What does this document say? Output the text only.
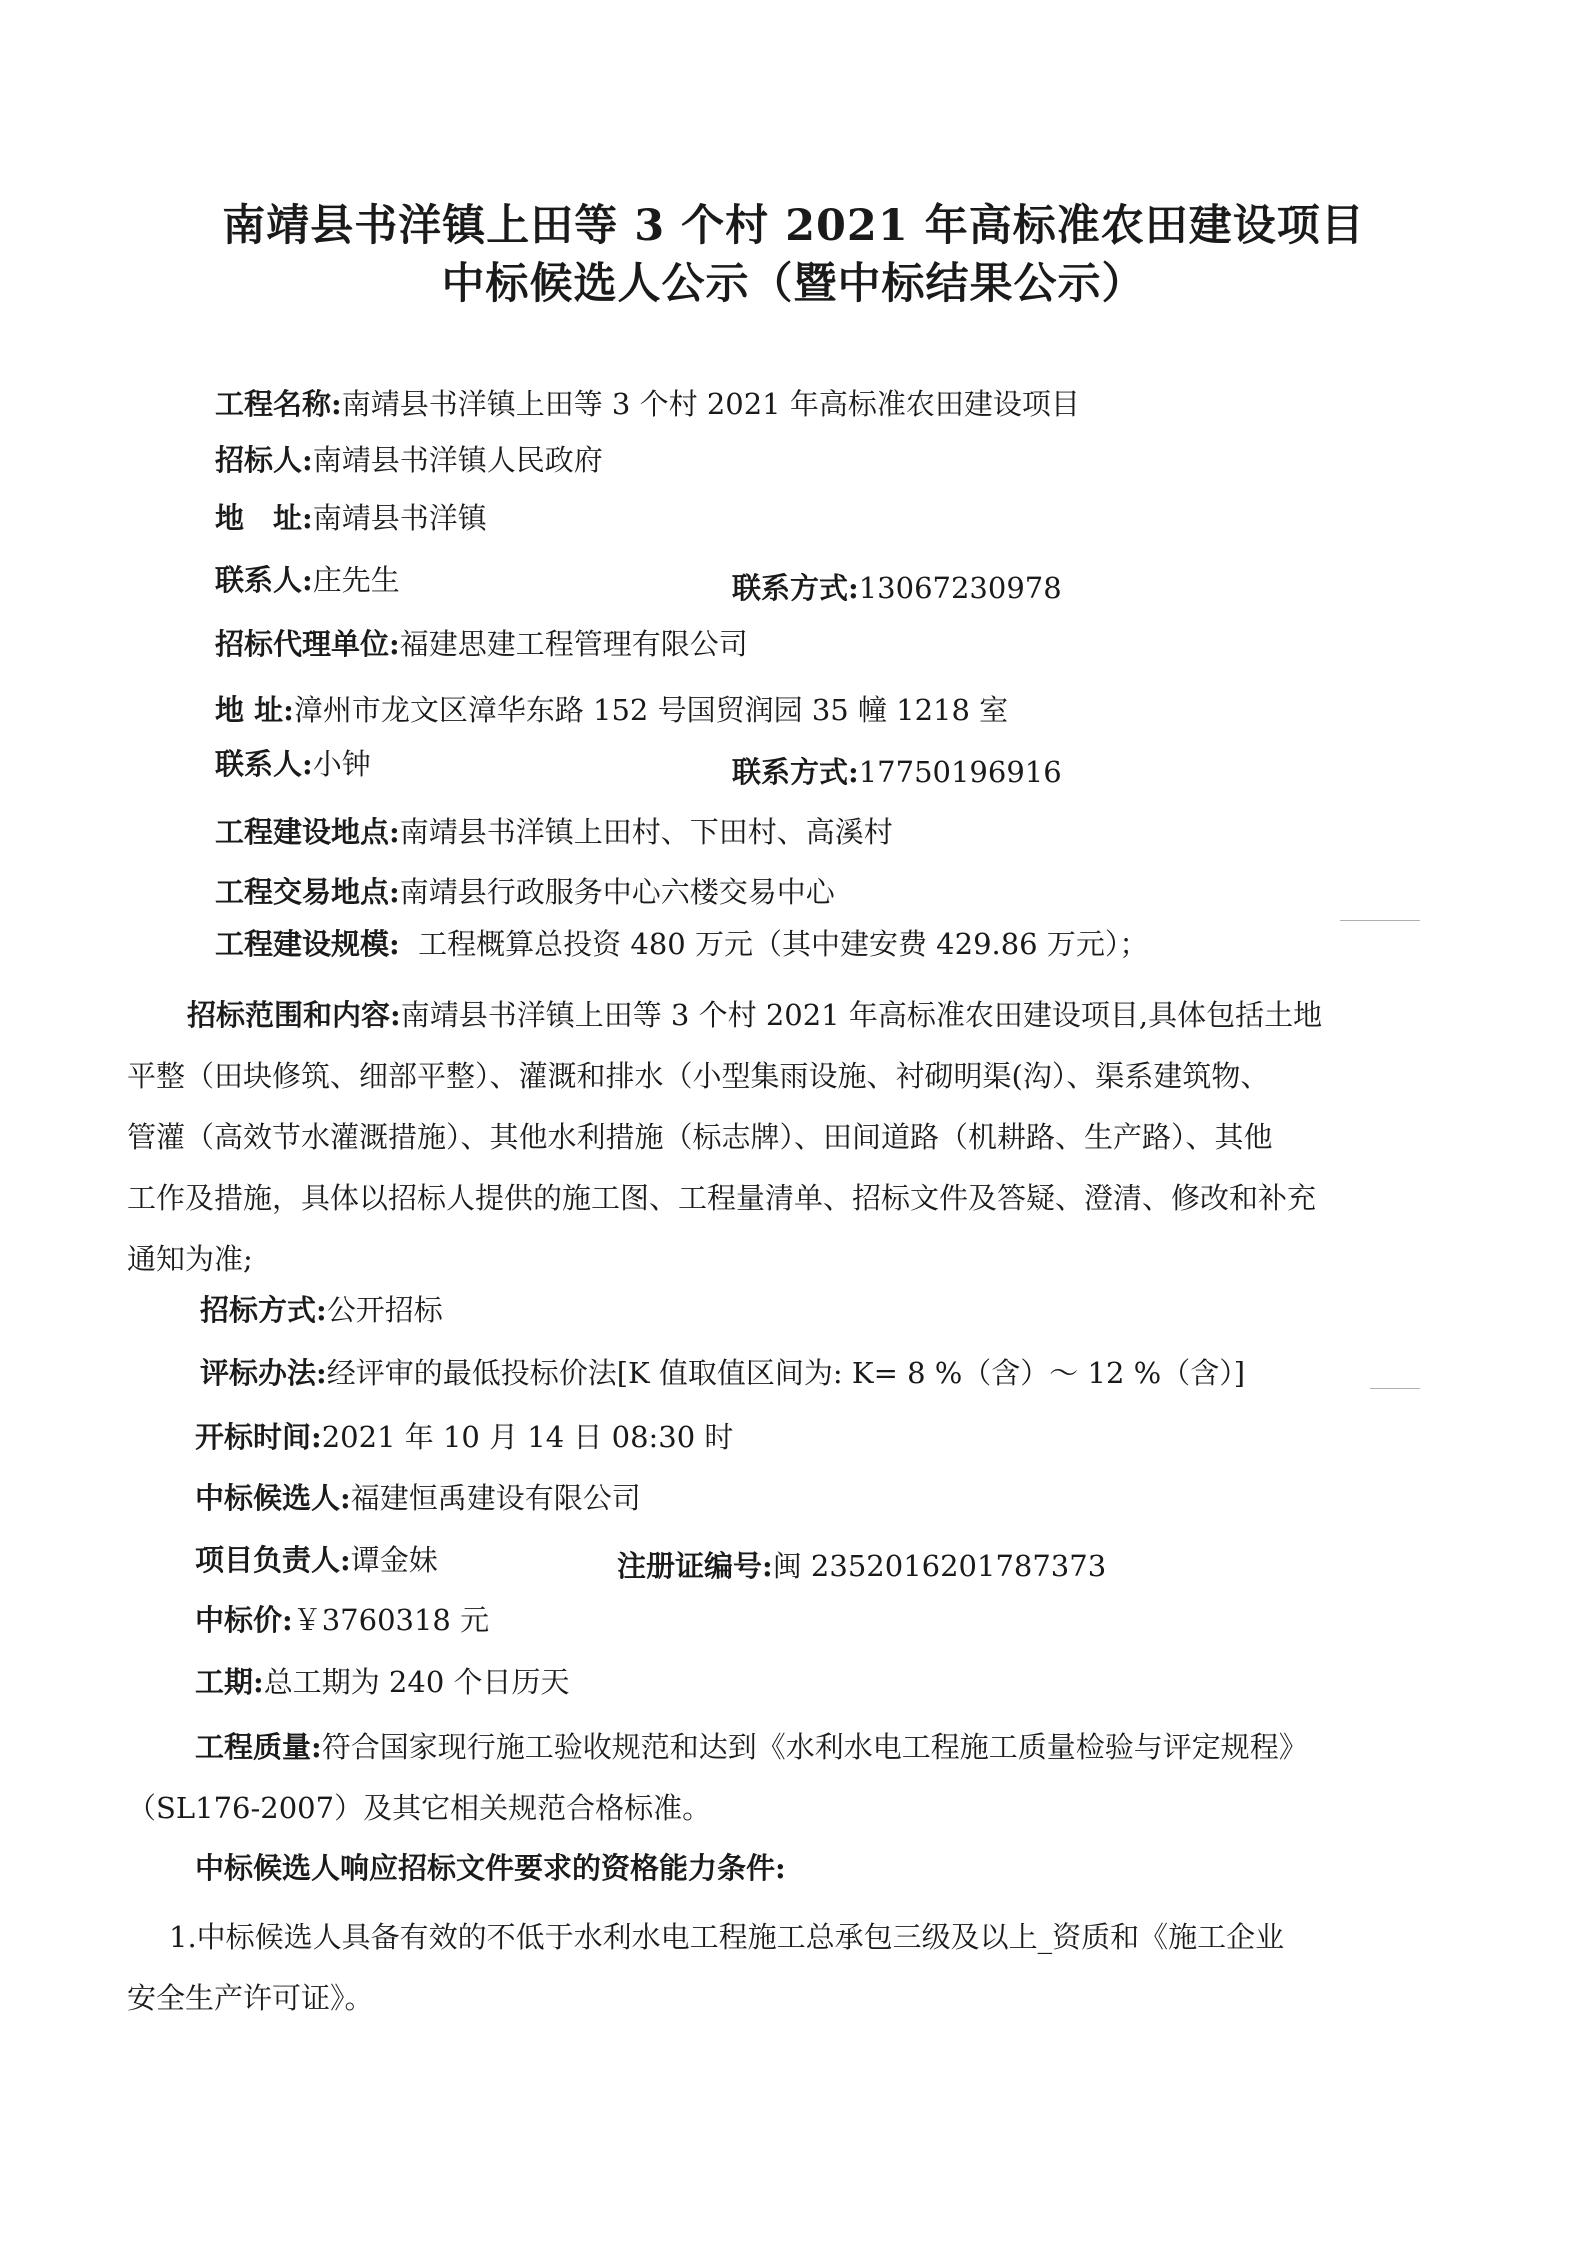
南靖县书洋镇上田等 3 个村 2021 年高标准农田建设项目
中标候选人公示（暨中标结果公示）
工程名称:南靖县书洋镇上田等 3 个村 2021 年高标准农田建设项目
招标人:南靖县书洋镇人民政府
地　址:南靖县书洋镇
联系人:庄先生	联系方式:13067230978
招标代理单位:福建思建工程管理有限公司
地 址:漳州市龙文区漳华东路 152 号国贸润园 35 幢 1218 室
联系人:小钟	联系方式:17750196916
工程建设地点:南靖县书洋镇上田村、下田村、高溪村
工程交易地点:南靖县行政服务中心六楼交易中心
工程建设规模: 工程概算总投资 480 万元（其中建安费 429.86 万元）；
招标范围和内容:南靖县书洋镇上田等 3 个村 2021 年高标准农田建设项目,具体包括土地
平整（田块修筑、细部平整）、灌溉和排水（小型集雨设施、衬砌明渠(沟）、渠系建筑物、
管灌（高效节水灌溉措施）、其他水利措施（标志牌）、田间道路（机耕路、生产路）、其他
工作及措施，具体以招标人提供的施工图、工程量清单、招标文件及答疑、澄清、修改和补充
通知为准;
招标方式:公开招标
评标办法:经评审的最低投标价法[K 值取值区间为: K= 8 %（含）～ 12 %（含）]
开标时间:2021 年 10 月 14 日 08:30 时
中标候选人:福建恒禹建设有限公司
项目负责人:谭金妹	注册证编号:闽 2352016201787373
中标价:￥3760318 元
工期:总工期为 240 个日历天
工程质量:符合国家现行施工验收规范和达到《水利水电工程施工质量检验与评定规程》
（SL176-2007）及其它相关规范合格标准。
中标候选人响应招标文件要求的资格能力条件:
1.中标候选人具备有效的不低于水利水电工程施工总承包三级及以上_资质和《施工企业
安全生产许可证》。
